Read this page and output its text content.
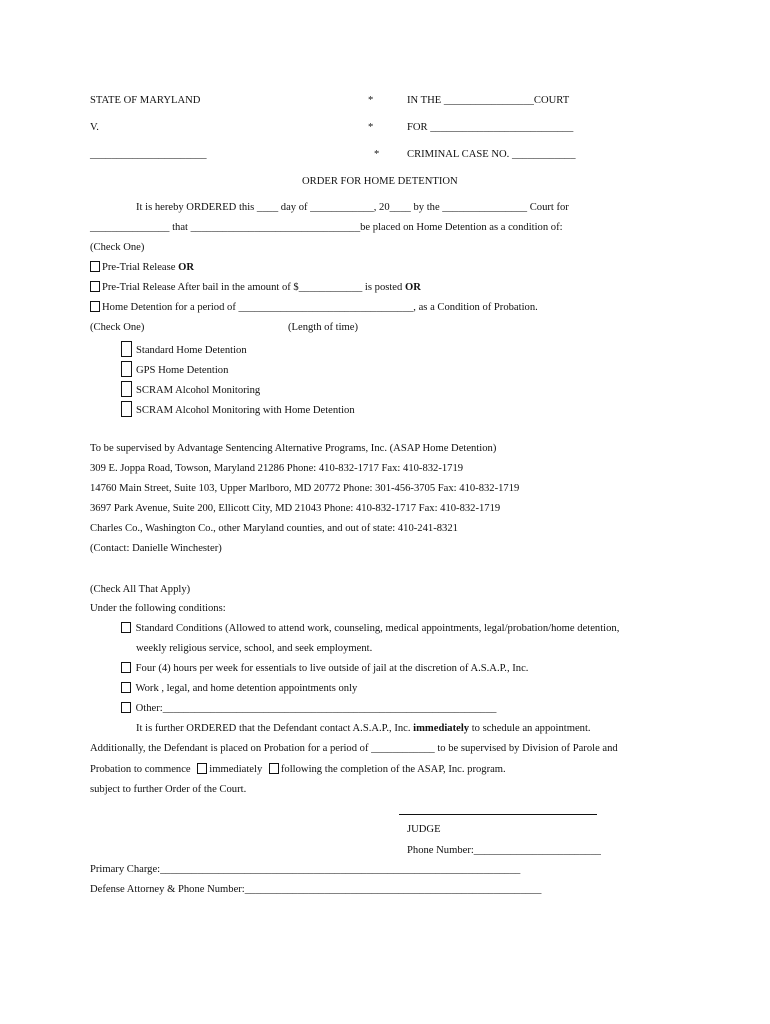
STATE OF MARYLAND	*	IN THE _________________COURT
V.	*	FOR ___________________________
______________________	*	CRIMINAL CASE NO. ____________
ORDER FOR HOME DETENTION
It is hereby ORDERED this ____ day of ____________, 20____ by the ________________ Court for
_______________ that ________________________________be placed on Home Detention as a condition of:
(Check One)
Pre-Trial Release OR
Pre-Trial Release After bail in the amount of $____________ is posted OR
Home Detention for a period of _________________________________, as a Condition of Probation.
(Check One)	(Length of time)
Standard Home Detention
GPS Home Detention
SCRAM Alcohol Monitoring
SCRAM Alcohol Monitoring with Home Detention
To be supervised by Advantage Sentencing Alternative Programs, Inc. (ASAP Home Detention)
309 E. Joppa Road, Towson, Maryland 21286 Phone: 410-832-1717 Fax: 410-832-1719
14760 Main Street, Suite 103, Upper Marlboro, MD 20772 Phone: 301-456-3705 Fax: 410-832-1719
3697 Park Avenue, Suite 200, Ellicott City, MD 21043 Phone: 410-832-1717 Fax: 410-832-1719
Charles Co., Washington Co., other Maryland counties, and out of state: 410-241-8321
(Contact: Danielle Winchester)
(Check All That Apply)
Under the following conditions:
Standard Conditions (Allowed to attend work, counseling, medical appointments, legal/probation/home detention,
weekly religious service, school, and seek employment.
Four (4) hours per week for essentials to live outside of jail at the discretion of A.S.A.P., Inc.
Work , legal, and home detention appointments only
Other:_______________________________________________________________
It is further ORDERED that the Defendant contact A.S.A.P., Inc. immediately to schedule an appointment.
Additionally, the Defendant is placed on Probation for a period of ____________ to be supervised by Division of Parole and
Probation to commence immediately following the completion of the ASAP, Inc. program.
subject to further Order of the Court.
JUDGE
Phone Number:________________________
Primary Charge:____________________________________________________________________
Defense Attorney & Phone Number:________________________________________________________
